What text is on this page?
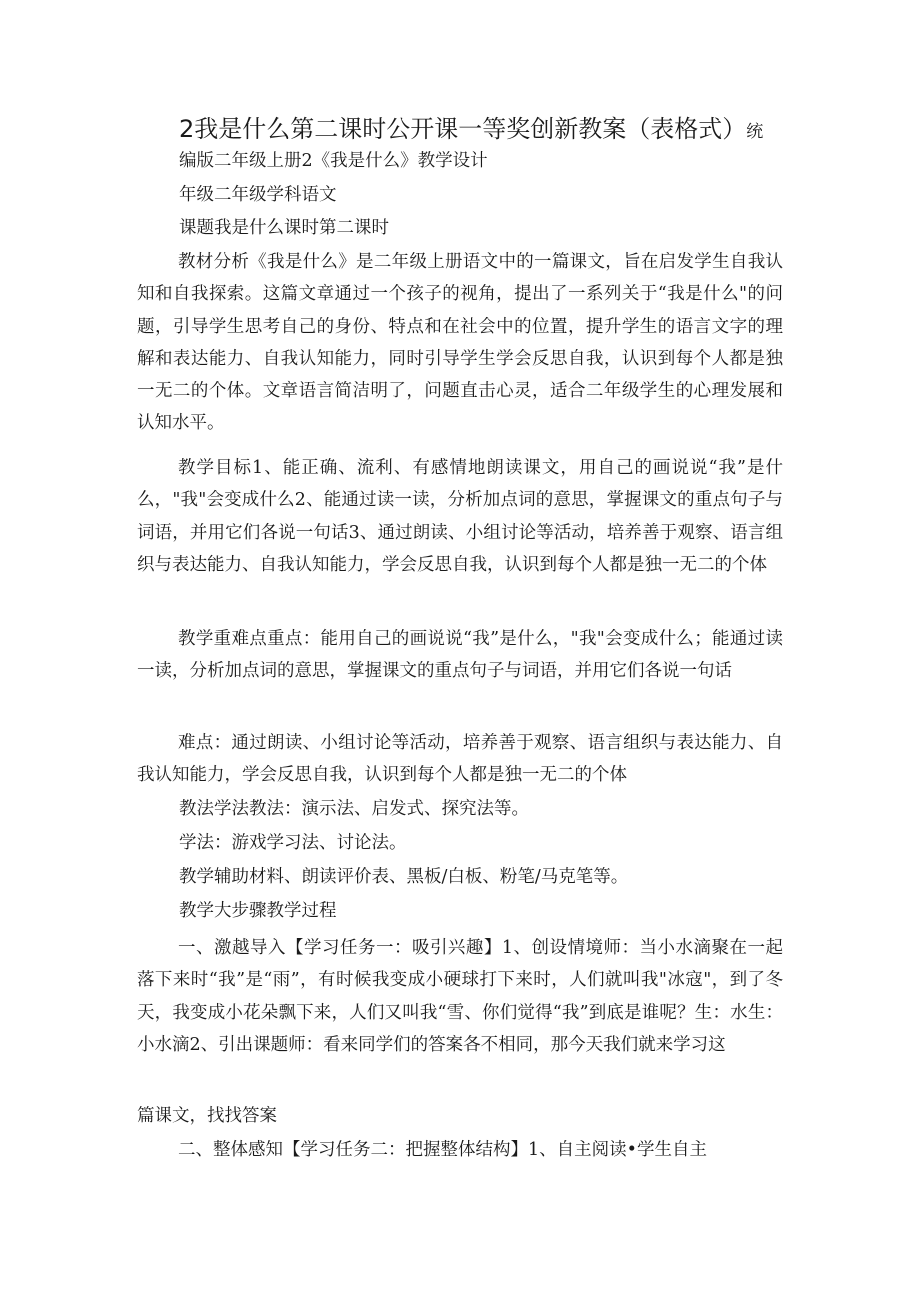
2我是什么第二课时公开课一等奖创新教案（表格式）统
编版二年级上册2《我是什么》教学设计
年级二年级学科语文
课题我是什么课时第二课时

教材分析《我是什么》是二年级上册语文中的一篇课文，旨在启发学生自我认知和自我探索。这篇文章通过一个孩子的视角，提出了一系列关于“我是什么"的问题，引导学生思考自己的身份、特点和在社会中的位置，提升学生的语言文字的理解和表达能力、自我认知能力，同时引导学生学会反思自我，认识到每个人都是独一无二的个体。文章语言简洁明了，问题直击心灵，适合二年级学生的心理发展和认知水平。

教学目标1、能正确、流利、有感情地朗读课文，用自己的画说说“我”是什么，"我"会变成什么2、能通过读一读，分析加点词的意思，掌握课文的重点句子与词语，并用它们各说一句话3、通过朗读、小组讨论等活动，培养善于观察、语言组织与表达能力、自我认知能力，学会反思自我，认识到每个人都是独一无二的个体

教学重难点重点：能用自己的画说说“我”是什么，"我"会变成什么；能通过读一读，分析加点词的意思，掌握课文的重点句子与词语，并用它们各说一句话

难点：通过朗读、小组讨论等活动，培养善于观察、语言组织与表达能力、自我认知能力，学会反思自我，认识到每个人都是独一无二的个体

教法学法教法：演示法、启发式、探究法等。
学法：游戏学习法、讨论法。
教学辅助材料、朗读评价表、黑板/白板、粉笔/马克笔等。
教学大步骤教学过程

一、激越导入【学习任务一：吸引兴趣】1、创设情境师：当小水滴聚在一起落下来时“我”是“雨”，有时候我变成小硬球打下来时，人们就叫我"冰寇"，到了冬天，我变成小花朵飘下来，人们又叫我“雪、你们觉得“我”到底是谁呢？生：水生：小水滴2、引出课题师：看来同学们的答案各不相同，那今天我们就来学习这

篇课文，找找答案

二、整体感知【学习任务二：把握整体结构】1、自主阅读•学生自主
